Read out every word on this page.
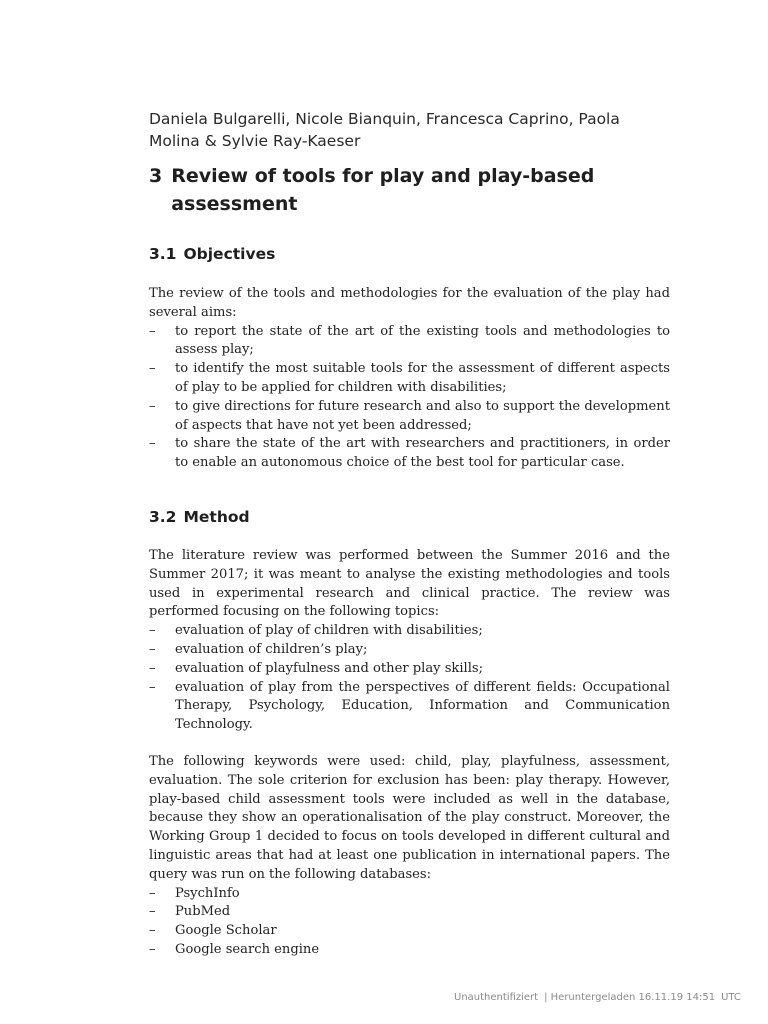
Daniela Bulgarelli, Nicole Bianquin, Francesca Caprino, Paola Molina & Sylvie Ray-Kaeser

3 Review of tools for play and play-based assessment
3.1 Objectives

The review of the tools and methodologies for the evaluation of the play had several aims:

– to report the state of the art of the existing tools and methodologies to assess play;
– to identify the most suitable tools for the assessment of different aspects of play to be applied for children with disabilities;
– to give directions for future research and also to support the development of aspects that have not yet been addressed;
– to share the state of the art with researchers and practitioners, in order to enable an autonomous choice of the best tool for particular case.
3.2 Method

The literature review was performed between the Summer 2016 and the Summer 2017; it was meant to analyse the existing methodologies and tools used in experimental research and clinical practice. The review was performed focusing on the following topics:

– evaluation of play of children with disabilities;
– evaluation of children’s play;
– evaluation of playfulness and other play skills;
– evaluation of play from the perspectives of different fields: Occupational Therapy, Psychology, Education, Information and Communication Technology.

The following keywords were used: child, play, playfulness, assessment, evaluation. The sole criterion for exclusion has been: play therapy. However, play-based child assessment tools were included as well in the database, because they show an operationalisation of the play construct. Moreover, the Working Group 1 decided to focus on tools developed in different cultural and linguistic areas that had at least one publication in international papers. The query was run on the following databases:

– PsychInfo
– PubMed
– Google Scholar
– Google search engine
Unauthentifiziert | Heruntergeladen 16.11.19 14:51 UTC
